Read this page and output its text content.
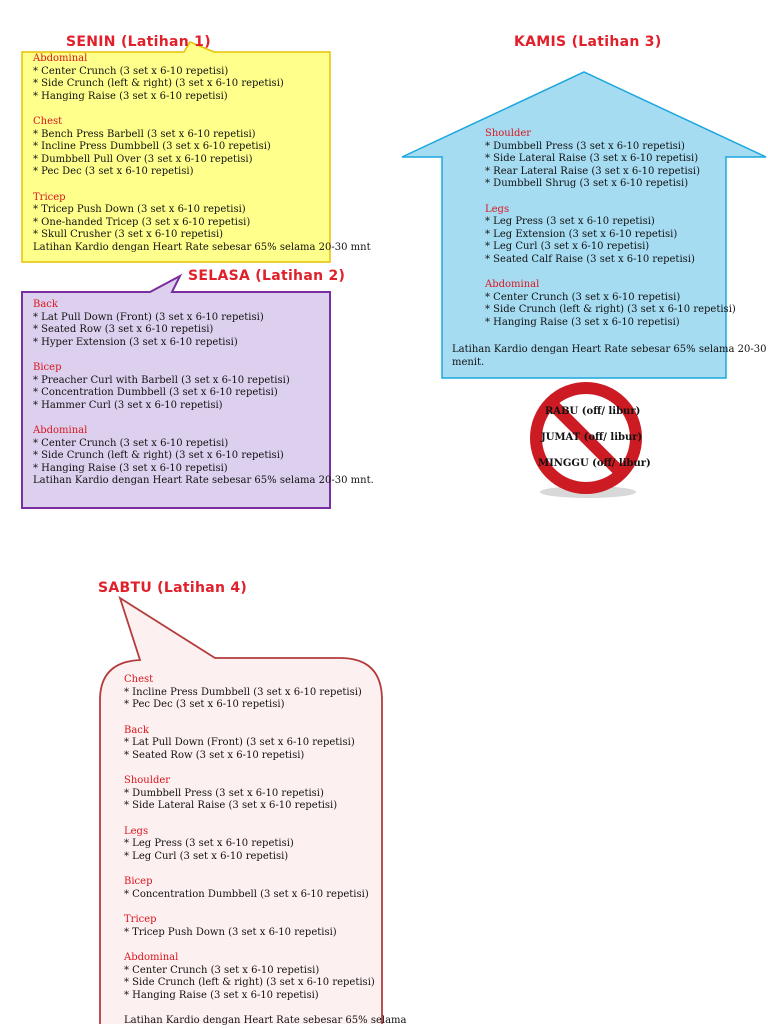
SENIN (Latihan 1)
SELASA (Latihan 2)
KAMIS (Latihan 3)
SABTU (Latihan 4)
Abdominal
* Center Crunch (3 set x 6-10 repetisi)
* Side Crunch (left & right) (3 set x 6-10 repetisi)
* Hanging Raise (3 set x 6-10 repetisi)
Chest
* Bench Press Barbell (3 set x 6-10 repetisi)
* Incline Press Dumbbell (3 set x 6-10 repetisi)
* Dumbbell Pull Over (3 set x 6-10 repetisi)
* Pec Dec (3 set x 6-10 repetisi)
Tricep
* Tricep Push Down (3 set x 6-10 repetisi)
* One-handed Tricep (3 set x 6-10 repetisi)
* Skull Crusher (3 set x 6-10 repetisi)
Latihan Kardio dengan Heart Rate sebesar 65% selama 20-30 mnt
Back
* Lat Pull Down (Front) (3 set x 6-10 repetisi)
* Seated Row (3 set x 6-10 repetisi)
* Hyper Extension (3 set x 6-10 repetisi)
Bicep
* Preacher Curl with Barbell (3 set x 6-10 repetisi)
* Concentration Dumbbell (3 set x 6-10 repetisi)
* Hammer Curl (3 set x 6-10 repetisi)
Abdominal
* Center Crunch (3 set x 6-10 repetisi)
* Side Crunch (left & right) (3 set x 6-10 repetisi)
* Hanging Raise (3 set x 6-10 repetisi)
Latihan Kardio dengan Heart Rate sebesar 65% selama 20-30 mnt.
Shoulder
* Dumbbell Press (3 set x 6-10 repetisi)
* Side Lateral Raise (3 set x 6-10 repetisi)
* Rear Lateral Raise (3 set x 6-10 repetisi)
* Dumbbell Shrug (3 set x 6-10 repetisi)
Legs
* Leg Press (3 set x 6-10 repetisi)
* Leg Extension (3 set x 6-10 repetisi)
* Leg Curl (3 set x 6-10 repetisi)
* Seated Calf Raise (3 set x 6-10 repetisi)
Abdominal
* Center Crunch (3 set x 6-10 repetisi)
* Side Crunch (left & right) (3 set x 6-10 repetisi)
* Hanging Raise (3 set x 6-10 repetisi)
Latihan Kardio dengan Heart Rate sebesar 65% selama 20-30
menit.
RABU (off/ libur)
JUMAT (off/ libur)
MINGGU (off/ libur)
Chest
* Incline Press Dumbbell (3 set x 6-10 repetisi)
* Pec Dec (3 set x 6-10 repetisi)
Back
* Lat Pull Down (Front) (3 set x 6-10 repetisi)
* Seated Row (3 set x 6-10 repetisi)
Shoulder
* Dumbbell Press (3 set x 6-10 repetisi)
* Side Lateral Raise (3 set x 6-10 repetisi)
Legs
* Leg Press (3 set x 6-10 repetisi)
* Leg Curl (3 set x 6-10 repetisi)
Bicep
* Concentration Dumbbell (3 set x 6-10 repetisi)
Tricep
* Tricep Push Down (3 set x 6-10 repetisi)
Abdominal
* Center Crunch (3 set x 6-10 repetisi)
* Side Crunch (left & right) (3 set x 6-10 repetisi)
* Hanging Raise (3 set x 6-10 repetisi)
Latihan Kardio dengan Heart Rate sebesar 65% selama
